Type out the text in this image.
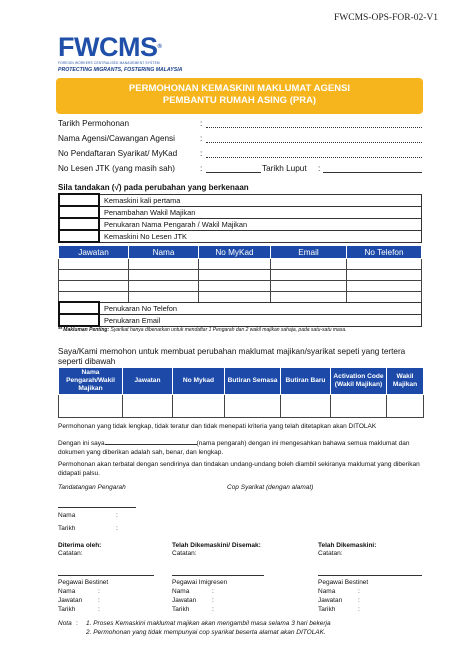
FWCMS-OPS-FOR-02-V1
FWCMS®
FOREIGN WORKERS CENTRALISED MANAGEMENT SYSTEM
PROTECTING MIGRANTS, FOSTERING MALAYSIA
PERMOHONAN KEMASKINI MAKLUMAT AGENSI
PEMBANTU RUMAH ASING (PRA)
Tarikh Permohonan	:
Nama Agensi/Cawangan Agensi	:
No Pendaftaran Syarikat/ MyKad	:
No Lesen JTK (yang masih sah)	:	Tarikh Luput :
Sila tandakan (√) pada perubahan yang berkenaan
	Kemaskini kali pertama
	Penambahan Wakil Majikan
	Penukaran Nama Pengarah / Wakil Majikan
	Kemaskini No Lesen JTK
Jawatan	Nama	No MyKad	Email	No Telefon

	Penukaran No Telefon
	Penukaran Email
** Makluman Penting: Syarikat hanya dibenarkan untuk mendaftar 1 Pengarah dan 2 wakil majikan sahaja, pada satu-satu masa.
Saya/Kami memohon untuk membuat perubahan maklumat majikan/syarikat sepeti yang tertera seperti dibawah
Nama Pengarah/Wakil Majikan	Jawatan	No Mykad	Butiran Semasa	Butiran Baru	Activation Code (Wakil Majikan)	Wakil Majikan

Permohonan yang tidak lengkap, tidak teratur dan tidak menepati kriteria yang telah ditetapkan akan DITOLAK
Dengan ini saya	(nama pengarah) dengan ini mengesahkan bahawa semua maklumat dan dokumen yang diberikan adalah sah, benar, dan lengkap.
Permohonan akan terbatal dengan sendirinya dan tindakan undang-undang boleh diambil sekiranya maklumat yang diberikan didapati palsu.
Tandatangan Pengarah	Cop Syarikat (dengan alamat)
Nama	:
Tarikh	:
Diterima oleh:
Catatan:
Telah Dikemaskini/ Disemak:
Catatan:
Telah Dikemaskini:
Catatan:
Pegawai Bestinet
Nama	:
Jawatan :
Tarikh	:
Pegawai Imigresen
Nama	:
Jawatan :
Tarikh	:
Pegawai Bestinet
Nama	:
Jawatan :
Tarikh	:
Nota : 1. Proses Kemaskini maklumat majikan akan mengambil masa selama 3 hari bekerja
2. Permohonan yang tidak mempunyai cop syarikat beserta alamat akan DITOLAK.
